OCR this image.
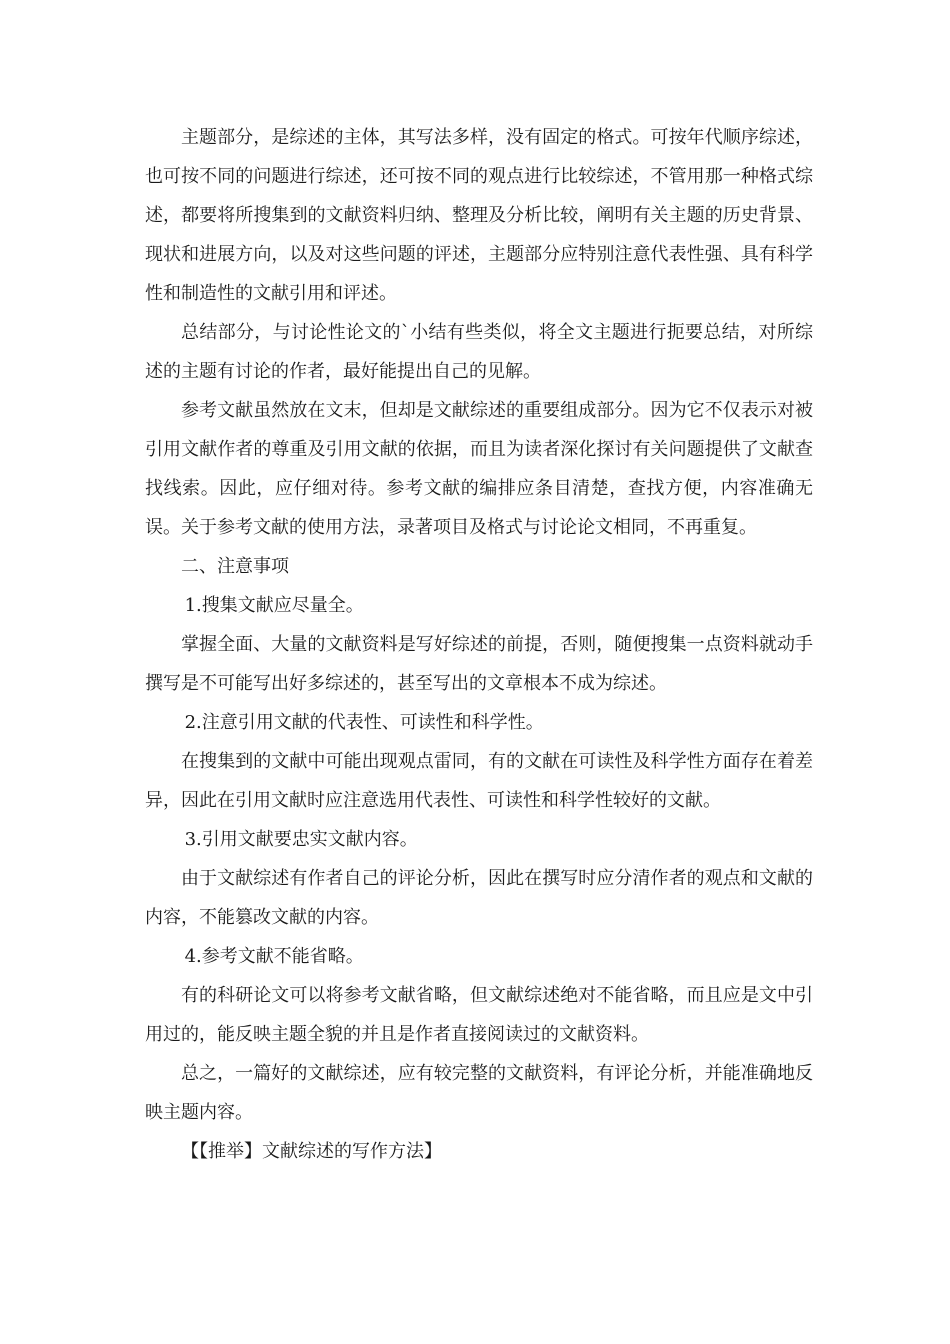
主题部分，是综述的主体，其写法多样，没有固定的格式。可按年代顺序综述，也可按不同的问题进行综述，还可按不同的观点进行比较综述，不管用那一种格式综述，都要将所搜集到的文献资料归纳、整理及分析比较，阐明有关主题的历史背景、现状和进展方向，以及对这些问题的评述，主题部分应特别注意代表性强、具有科学性和制造性的文献引用和评述。

总结部分，与讨论性论文的`小结有些类似，将全文主题进行扼要总结，对所综述的主题有讨论的作者，最好能提出自己的见解。

参考文献虽然放在文末，但却是文献综述的重要组成部分。因为它不仅表示对被引用文献作者的尊重及引用文献的依据，而且为读者深化探讨有关问题提供了文献查找线索。因此，应仔细对待。参考文献的编排应条目清楚，查找方便，内容准确无误。关于参考文献的使用方法，录著项目及格式与讨论论文相同，不再重复。

二、注意事项

1.搜集文献应尽量全。

掌握全面、大量的文献资料是写好综述的前提，否则，随便搜集一点资料就动手撰写是不可能写出好多综述的，甚至写出的文章根本不成为综述。

2.注意引用文献的代表性、可读性和科学性。

在搜集到的文献中可能出现观点雷同，有的文献在可读性及科学性方面存在着差异，因此在引用文献时应注意选用代表性、可读性和科学性较好的文献。

3.引用文献要忠实文献内容。

由于文献综述有作者自己的评论分析，因此在撰写时应分清作者的观点和文献的内容，不能篡改文献的内容。

4.参考文献不能省略。

有的科研论文可以将参考文献省略，但文献综述绝对不能省略，而且应是文中引用过的，能反映主题全貌的并且是作者直接阅读过的文献资料。

总之，一篇好的文献综述，应有较完整的文献资料，有评论分析，并能准确地反映主题内容。

【【推举】文献综述的写作方法】
